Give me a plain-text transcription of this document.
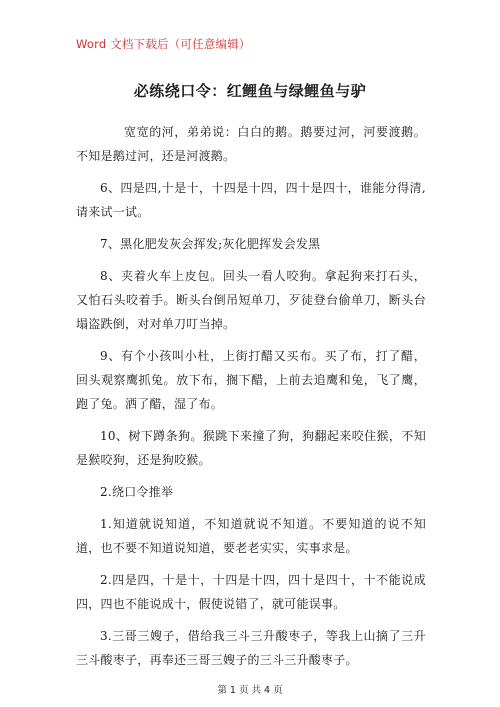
Word 文档下载后（可任意编辑）
必练绕口令：红鲤鱼与绿鲤鱼与驴

宽宽的河，弟弟说：白白的鹅。鹅要过河，河要渡鹅。不知是鹅过河，还是河渡鹅。

6、四是四,十是十，十四是十四，四十是四十，谁能分得清,请来试一试。

7、黑化肥发灰会挥发;灰化肥挥发会发黑

8、夹着火车上皮包。回头一看人咬狗。拿起狗来打石头，又怕石头咬着手。断头台倒吊短单刀，歹徒登台偷单刀，断头台塌盗跌倒，对对单刀叮当掉。

9、有个小孩叫小杜，上街打醋又买布。买了布，打了醋，回头观察鹰抓兔。放下布，搁下醋，上前去追鹰和兔，飞了鹰，跑了兔。洒了醋，湿了布。

10、树下蹲条狗。猴跳下来撞了狗，狗翻起来咬住猴，不知是猴咬狗，还是狗咬猴。

2.绕口令推举

1.知道就说知道，不知道就说不知道。不要知道的说不知道，也不要不知道说知道，要老老实实，实事求是。

2.四是四，十是十，十四是十四，四十是四十，十不能说成四，四也不能说成十，假使说错了，就可能误事。

3.三哥三嫂子，借给我三斗三升酸枣子，等我上山摘了三升三斗酸枣子，再奉还三哥三嫂子的三斗三升酸枣子。

第 1 页 共 4 页
